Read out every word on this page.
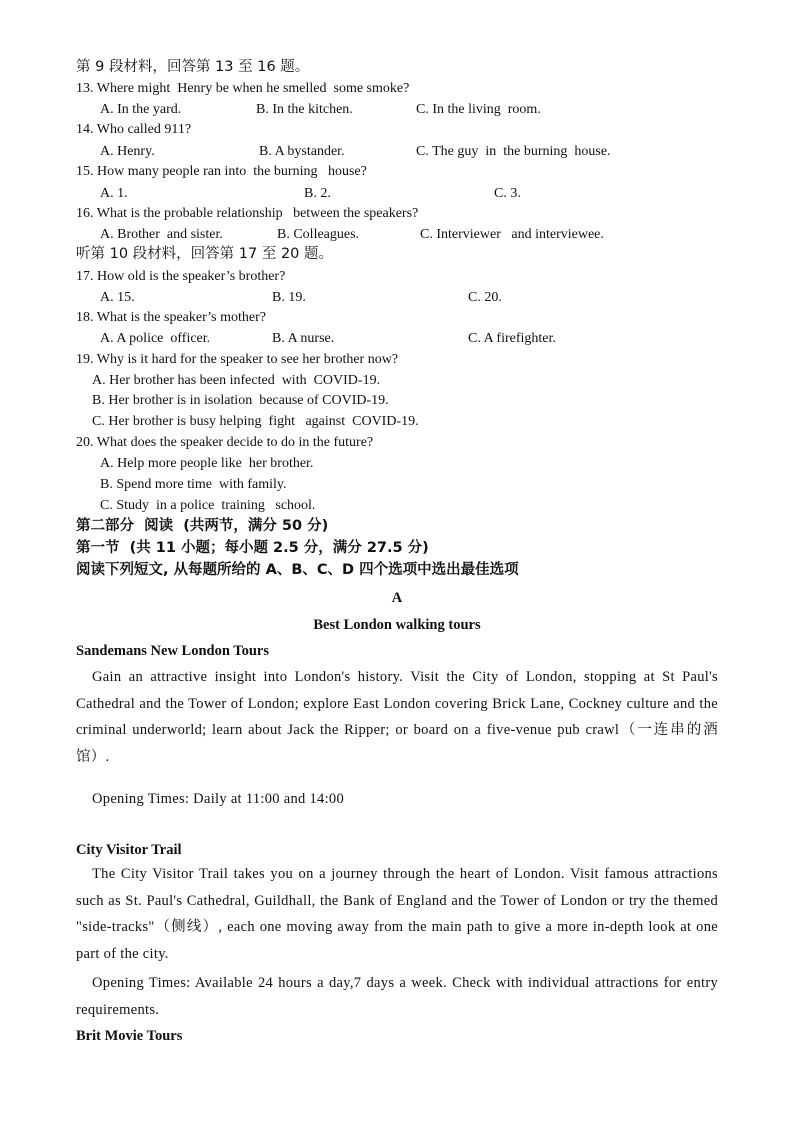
第 9 段材料，回答第 13 至 16 题。
13. Where might  Henry be when he smelled  some smoke?
A. In the yard.	B. In the kitchen.	C. In the living  room.
14. Who called 911?
A. Henry.	B. A bystander.	C. The guy  in  the burning  house.
15. How many people ran into  the burning   house?
A. 1.	B. 2.	C. 3.
16. What is the probable relationship   between the speakers?
A. Brother  and sister.	B. Colleagues.	C. Interviewer   and interviewee.
听第 10 段材料，回答第 17 至 20 题。
17. How old is the speaker’s brother?
A. 15.	B. 19.	C. 20.
18. What is the speaker’s mother?
A. A police  officer.	B. A nurse.	C. A firefighter.
19. Why is it hard for the speaker to see her brother now?
A. Her brother has been infected  with  COVID-19.
B. Her brother is in isolation  because of COVID-19.
C. Her brother is busy helping  fight   against  COVID-19.
20. What does the speaker decide to do in the future?
A. Help more people like  her brother.
B. Spend more time  with family.
C. Study  in a police  training   school.
第二部分  阅读  (共两节，满分 50 分)
第一节  (共 11 小题；每小题 2.5 分，满分 27.5 分)
阅读下列短文, 从每题所给的 A、B、C、D 四个选项中选出最佳选项
A
Best London walking tours
Sandemans New London Tours
Gain an attractive insight into London's history. Visit the City of London, stopping at St Paul's Cathedral and the Tower of London; explore East London covering Brick Lane, Cockney culture and the criminal underworld; learn about Jack the Ripper; or board on a five-venue pub crawl（一连串的酒馆）.
Opening Times: Daily at 11:00 and 14:00
City Visitor Trail
The City Visitor Trail takes you on a journey through the heart of London. Visit famous attractions such as St. Paul's Cathedral, Guildhall, the Bank of England and the Tower of London or try the themed "side-tracks"（侧线）, each one moving away from the main path to give a more in-depth look at one part of the city.
Opening Times: Available 24 hours a day,7 days a week. Check with individual attractions for entry requirements.
Brit Movie Tours
